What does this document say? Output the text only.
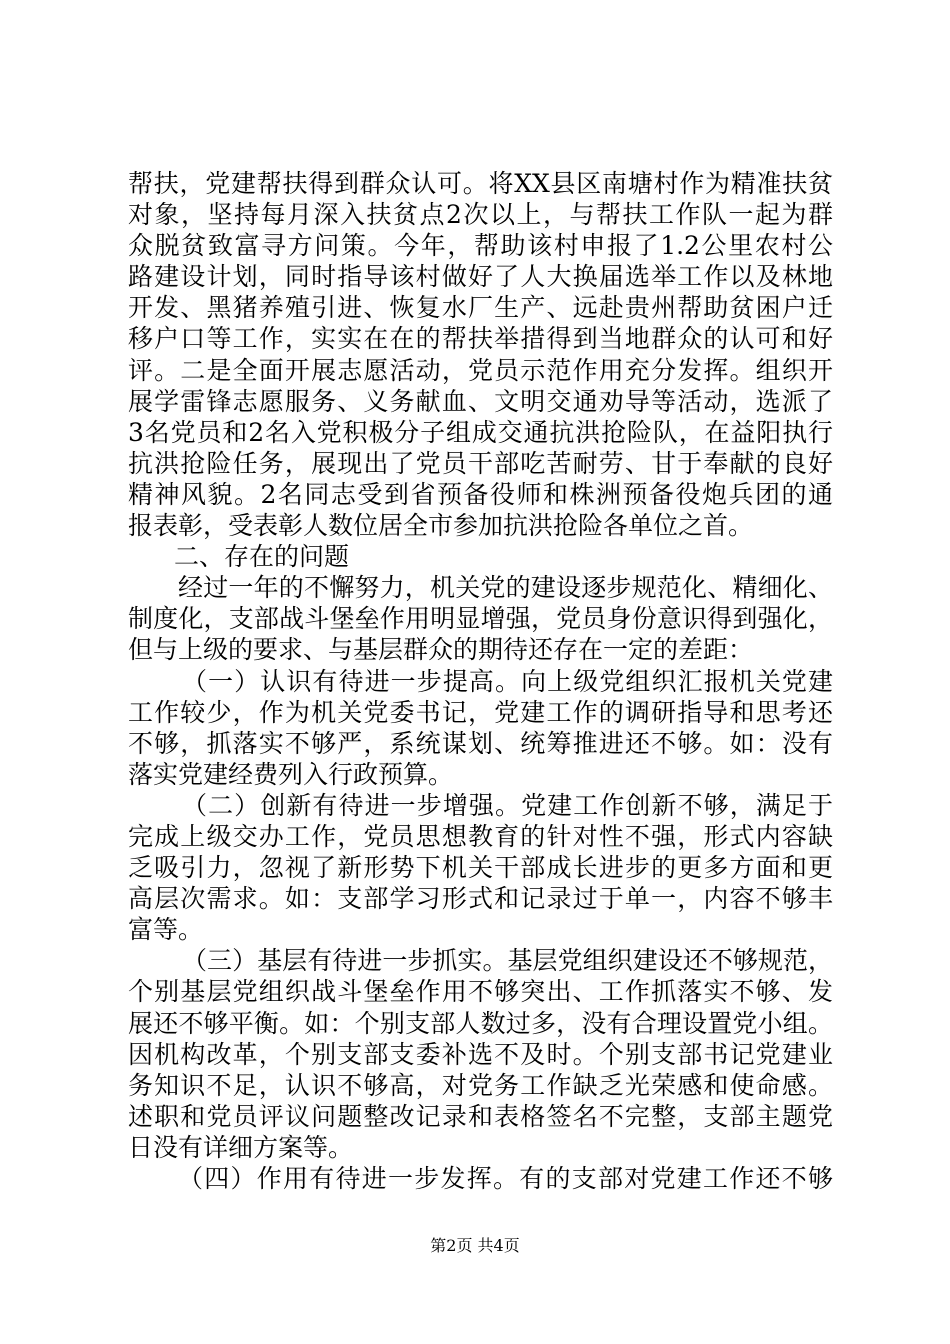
帮扶，党建帮扶得到群众认可。将XX县区南塘村作为精准扶贫
对象，坚持每月深入扶贫点2次以上，与帮扶工作队一起为群
众脱贫致富寻方问策。今年，帮助该村申报了1.2公里农村公
路建设计划，同时指导该村做好了人大换届选举工作以及林地
开发、黑猪养殖引进、恢复水厂生产、远赴贵州帮助贫困户迁
移户口等工作，实实在在的帮扶举措得到当地群众的认可和好
评。二是全面开展志愿活动，党员示范作用充分发挥。组织开
展学雷锋志愿服务、义务献血、文明交通劝导等活动，选派了
3名党员和2名入党积极分子组成交通抗洪抢险队，在益阳执行
抗洪抢险任务，展现出了党员干部吃苦耐劳、甘于奉献的良好
精神风貌。2名同志受到省预备役师和株洲预备役炮兵团的通
报表彰，受表彰人数位居全市参加抗洪抢险各单位之首。
二、存在的问题
经过一年的不懈努力，机关党的建设逐步规范化、精细化、
制度化，支部战斗堡垒作用明显增强，党员身份意识得到强化，
但与上级的要求、与基层群众的期待还存在一定的差距：
（一）认识有待进一步提高。向上级党组织汇报机关党建
工作较少，作为机关党委书记，党建工作的调研指导和思考还
不够，抓落实不够严，系统谋划、统筹推进还不够。如：没有
落实党建经费列入行政预算。
（二）创新有待进一步增强。党建工作创新不够，满足于
完成上级交办工作，党员思想教育的针对性不强，形式内容缺
乏吸引力，忽视了新形势下机关干部成长进步的更多方面和更
高层次需求。如：支部学习形式和记录过于单一，内容不够丰
富等。
（三）基层有待进一步抓实。基层党组织建设还不够规范，
个别基层党组织战斗堡垒作用不够突出、工作抓落实不够、发
展还不够平衡。如：个别支部人数过多，没有合理设置党小组。
因机构改革，个别支部支委补选不及时。个别支部书记党建业
务知识不足，认识不够高，对党务工作缺乏光荣感和使命感。
述职和党员评议问题整改记录和表格签名不完整，支部主题党
日没有详细方案等。
（四）作用有待进一步发挥。有的支部对党建工作还不够
第2页 共4页
